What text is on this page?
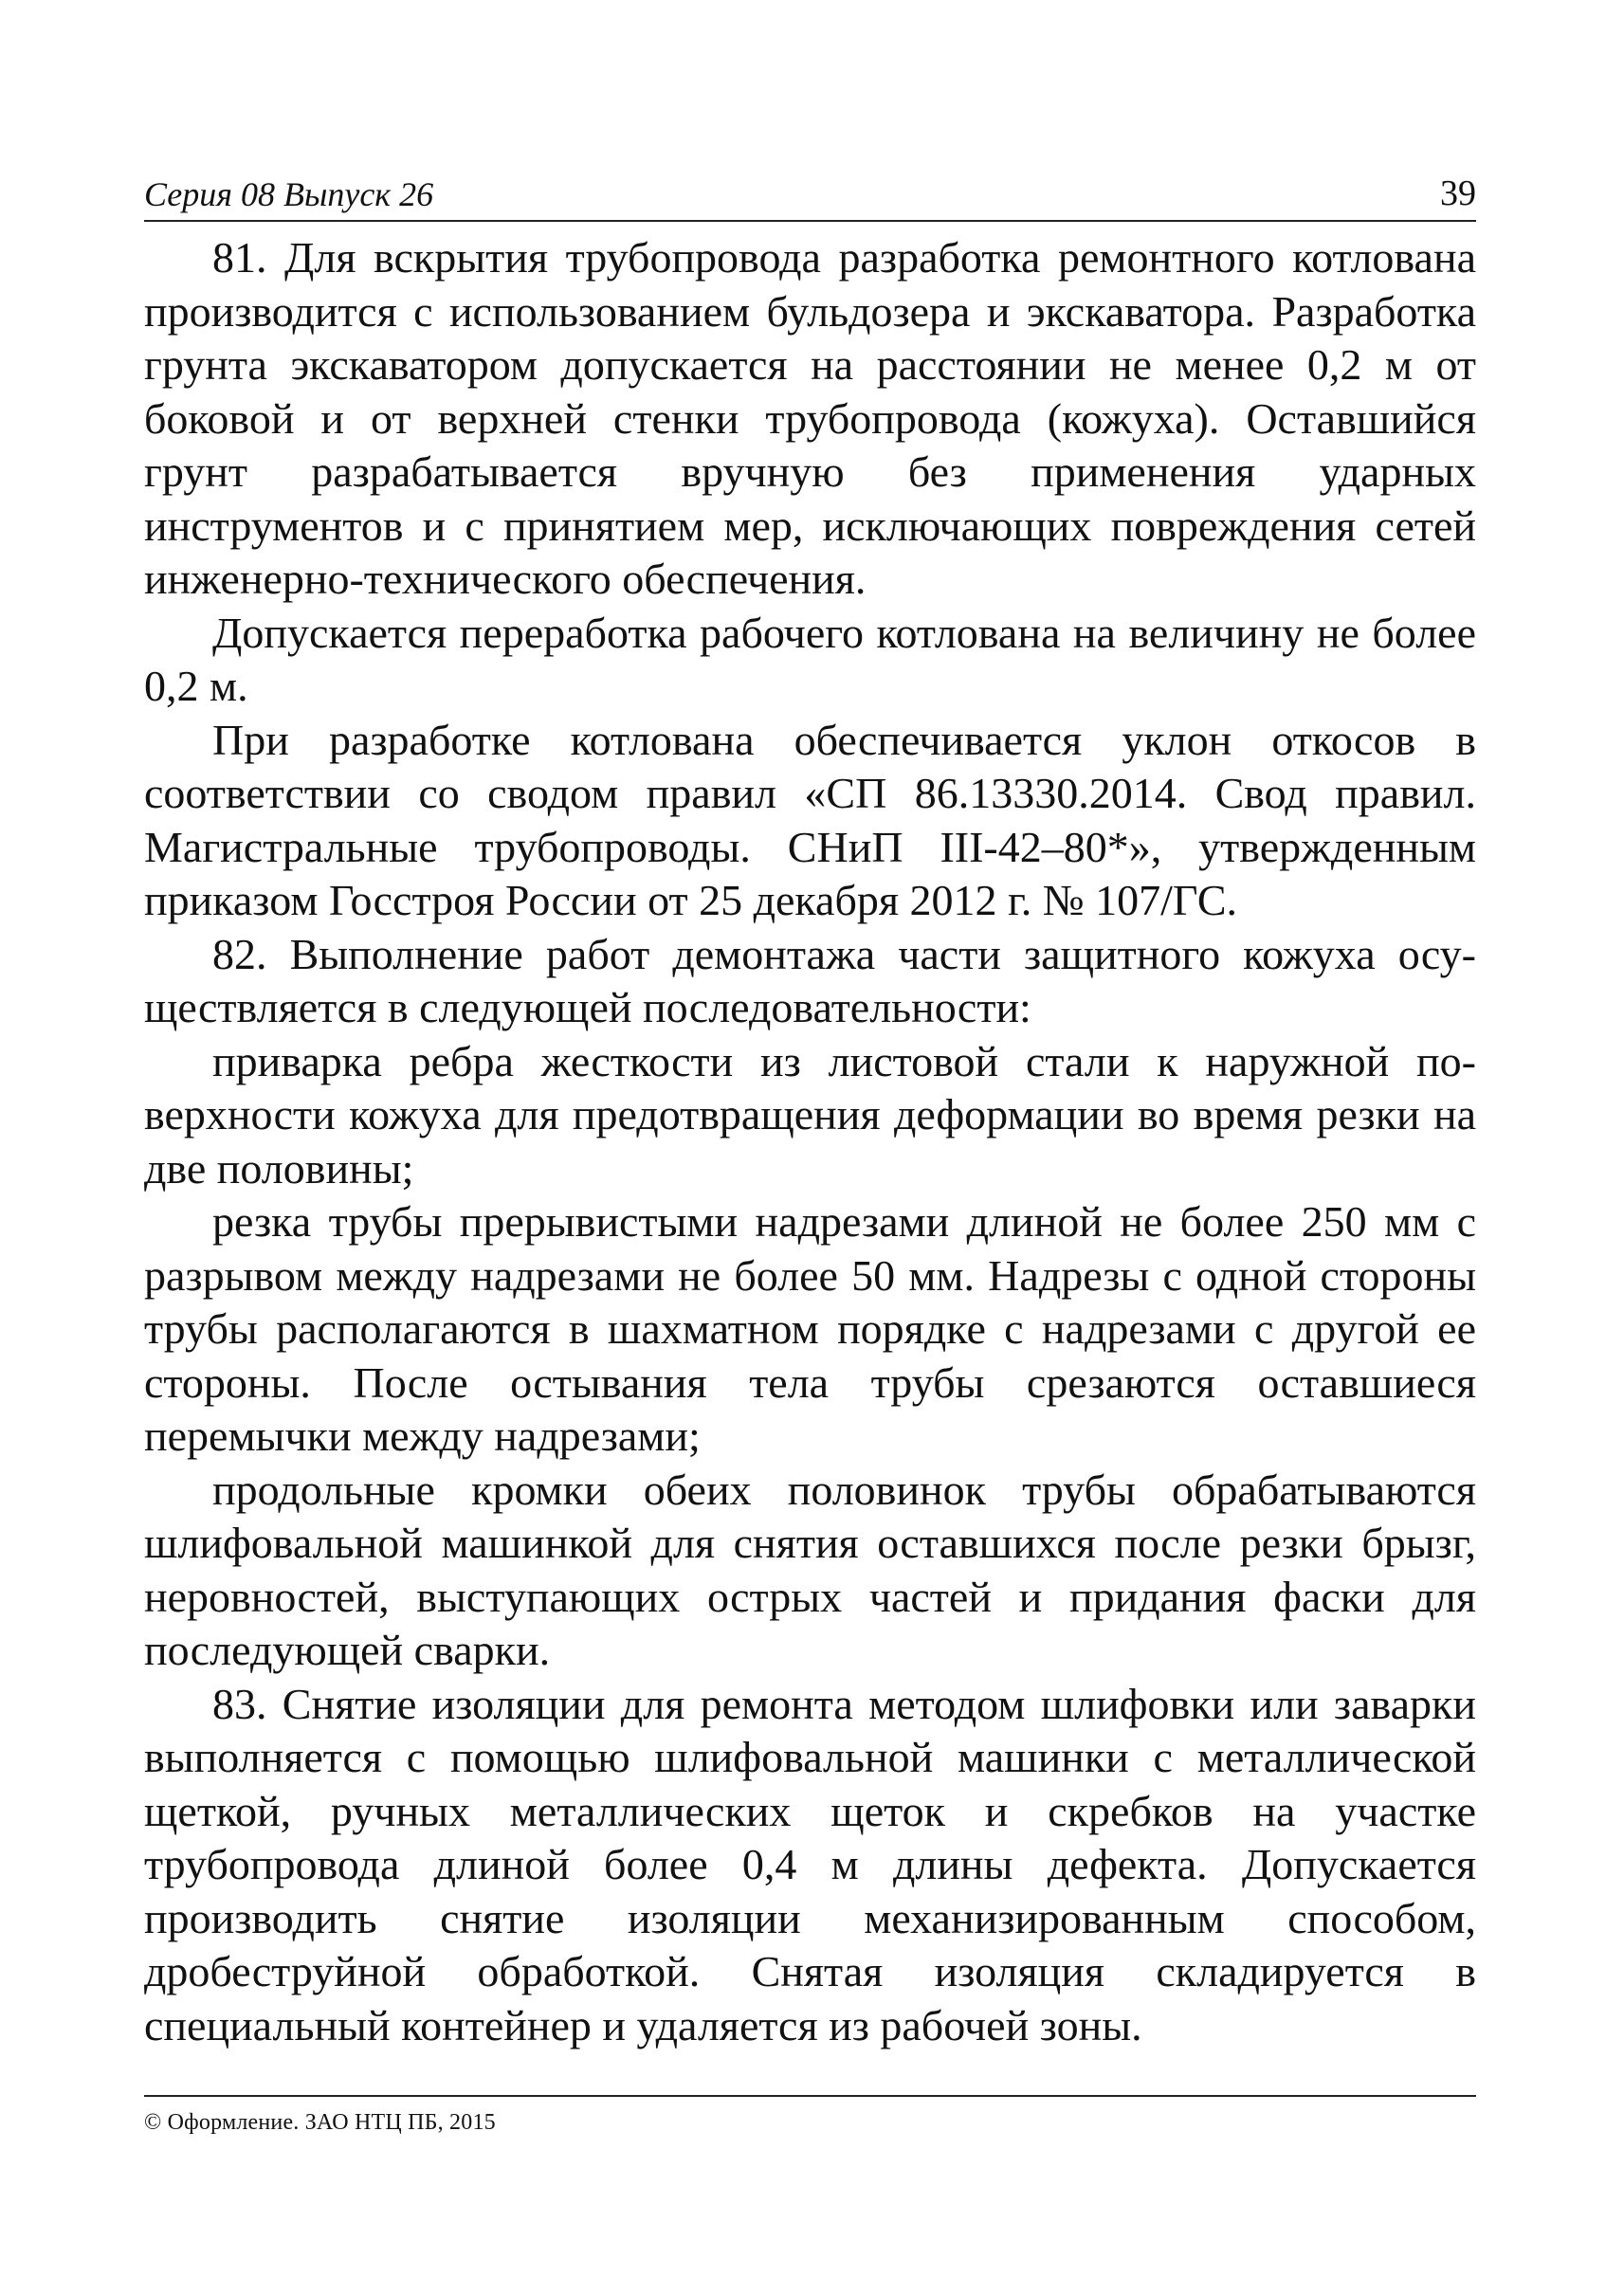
Серия 08 Выпуск 26	39

81. Для вскрытия трубопровода разработка ремонтного котлована производится с использованием бульдозера и экскаватора. Разработка грунта экскаватором допускается на расстоянии не менее 0,2 м от боковой и от верхней стенки трубопровода (кожуха). Оставшийся грунт разрабатывается вручную без применения ударных инструментов и с принятием мер, исключающих повреждения сетей инженерно-технического обеспечения.

Допускается переработка рабочего котлована на величину не более 0,2 м.

При разработке котлована обеспечивается уклон откосов в соответствии со сводом правил «СП 86.13330.2014. Свод правил. Магистральные трубопроводы. СНиП III-42–80*», утвержденным приказом Госстроя России от 25 декабря 2012 г. № 107/ГС.

82. Выполнение работ демонтажа части защитного кожуха осуществляется в следующей последовательности:

приварка ребра жесткости из листовой стали к наружной поверхности кожуха для предотвращения деформации во время резки на две половины;

резка трубы прерывистыми надрезами длиной не более 250 мм с разрывом между надрезами не более 50 мм. Надрезы с одной стороны трубы располагаются в шахматном порядке с надрезами с другой ее стороны. После остывания тела трубы срезаются оставшиеся перемычки между надрезами;

продольные кромки обеих половинок трубы обрабатываются шлифовальной машинкой для снятия оставшихся после резки брызг, неровностей, выступающих острых частей и придания фаски для последующей сварки.

83. Снятие изоляции для ремонта методом шлифовки или заварки выполняется с помощью шлифовальной машинки с металлической щеткой, ручных металлических щеток и скребков на участке трубопровода длиной более 0,4 м длины дефекта. Допускается производить снятие изоляции механизированным способом, дробеструйной обработкой. Снятая изоляция складируется в специальный контейнер и удаляется из рабочей зоны.

© Оформление. ЗАО НТЦ ПБ, 2015
